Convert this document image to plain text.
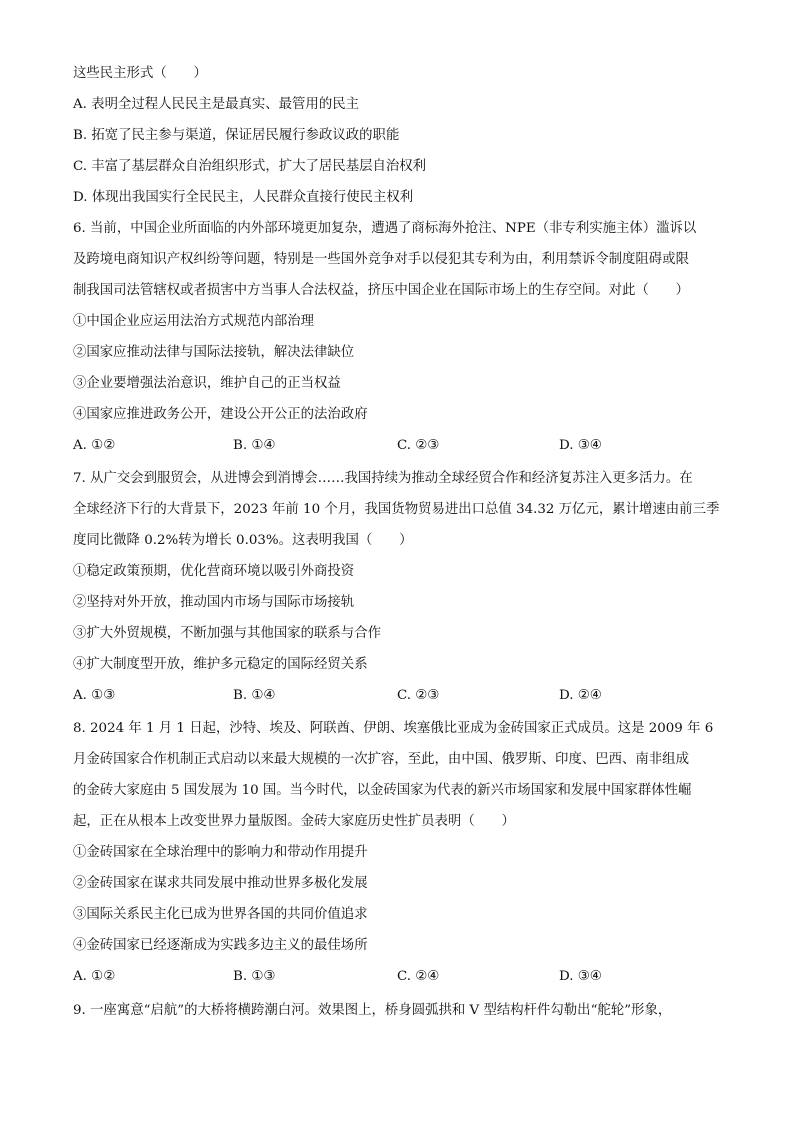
这些民主形式（　　）
A. 表明全过程人民民主是最真实、最管用的民主
B. 拓宽了民主参与渠道，保证居民履行参政议政的职能
C. 丰富了基层群众自治组织形式，扩大了居民基层自治权利
D. 体现出我国实行全民民主，人民群众直接行使民主权利
6. 当前，中国企业所面临的内外部环境更加复杂，遭遇了商标海外抢注、NPE（非专利实施主体）滥诉以
及跨境电商知识产权纠纷等问题，特别是一些国外竞争对手以侵犯其专利为由，利用禁诉令制度阻碍或限
制我国司法管辖权或者损害中方当事人合法权益，挤压中国企业在国际市场上的生存空间。对此（　　）
①中国企业应运用法治方式规范内部治理
②国家应推动法律与国际法接轨，解决法律缺位
③企业要增强法治意识，维护自己的正当权益
④国家应推进政务公开，建设公开公正的法治政府
A. ①②	B. ①④	C. ②③	D. ③④
7. 从广交会到服贸会，从进博会到消博会……我国持续为推动全球经贸合作和经济复苏注入更多活力。在
全球经济下行的大背景下，2023 年前 10 个月，我国货物贸易进出口总值 34.32 万亿元，累计增速由前三季
度同比微降 0.2%转为增长 0.03%。这表明我国（　　）
①稳定政策预期，优化营商环境以吸引外商投资
②坚持对外开放，推动国内市场与国际市场接轨
③扩大外贸规模，不断加强与其他国家的联系与合作
④扩大制度型开放，维护多元稳定的国际经贸关系
A. ①③	B. ①④	C. ②③	D. ②④
8. 2024 年 1 月 1 日起，沙特、埃及、阿联酋、伊朗、埃塞俄比亚成为金砖国家正式成员。这是 2009 年 6
月金砖国家合作机制正式启动以来最大规模的一次扩容，至此，由中国、俄罗斯、印度、巴西、南非组成
的金砖大家庭由 5 国发展为 10 国。当今时代，以金砖国家为代表的新兴市场国家和发展中国家群体性崛
起，正在从根本上改变世界力量版图。金砖大家庭历史性扩员表明（　　）
①金砖国家在全球治理中的影响力和带动作用提升
②金砖国家在谋求共同发展中推动世界多极化发展
③国际关系民主化已成为世界各国的共同价值追求
④金砖国家已经逐渐成为实践多边主义的最佳场所
A. ①②	B. ①③	C. ②④	D. ③④
9. 一座寓意“启航”的大桥将横跨潮白河。效果图上，桥身圆弧拱和 V 型结构杆件勾勒出“舵轮”形象，
